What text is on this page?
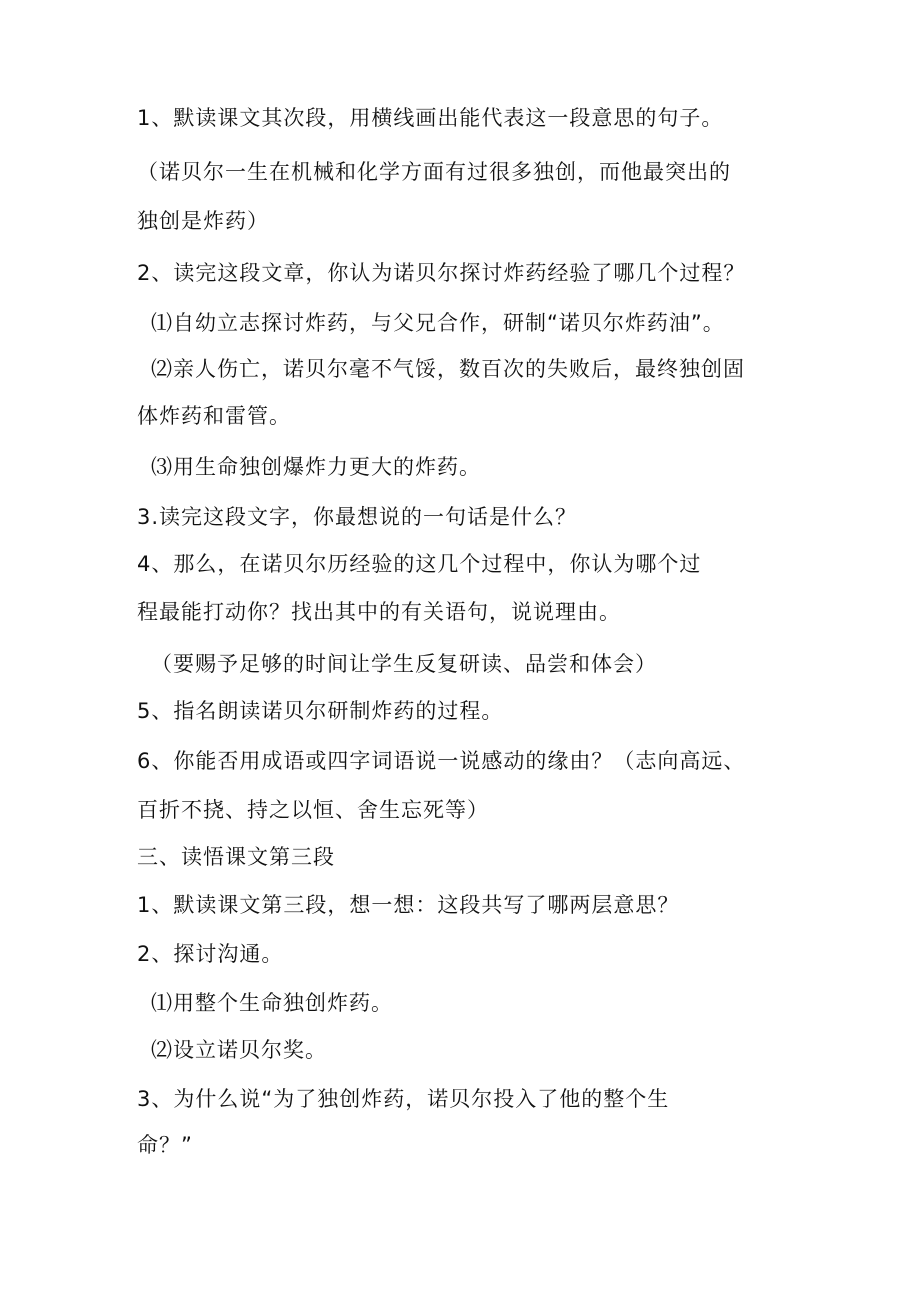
1、默读课文其次段，用横线画出能代表这一段意思的句子。
（诺贝尔一生在机械和化学方面有过很多独创，而他最突出的
独创是炸药）
2、读完这段文章，你认为诺贝尔探讨炸药经验了哪几个过程？
⑴自幼立志探讨炸药，与父兄合作，研制“诺贝尔炸药油”。
⑵亲人伤亡，诺贝尔毫不气馁，数百次的失败后，最终独创固
体炸药和雷管。
⑶用生命独创爆炸力更大的炸药。
3.读完这段文字，你最想说的一句话是什么？
4、那么，在诺贝尔历经验的这几个过程中，你认为哪个过
程最能打动你？找出其中的有关语句，说说理由。
（要赐予足够的时间让学生反复研读、品尝和体会）
5、指名朗读诺贝尔研制炸药的过程。
6、你能否用成语或四字词语说一说感动的缘由？（志向高远、
百折不挠、持之以恒、舍生忘死等）
三、读悟课文第三段
1、默读课文第三段，想一想：这段共写了哪两层意思？
2、探讨沟通。
⑴用整个生命独创炸药。
⑵设立诺贝尔奖。
3、为什么说“为了独创炸药，诺贝尔投入了他的整个生
命？”
